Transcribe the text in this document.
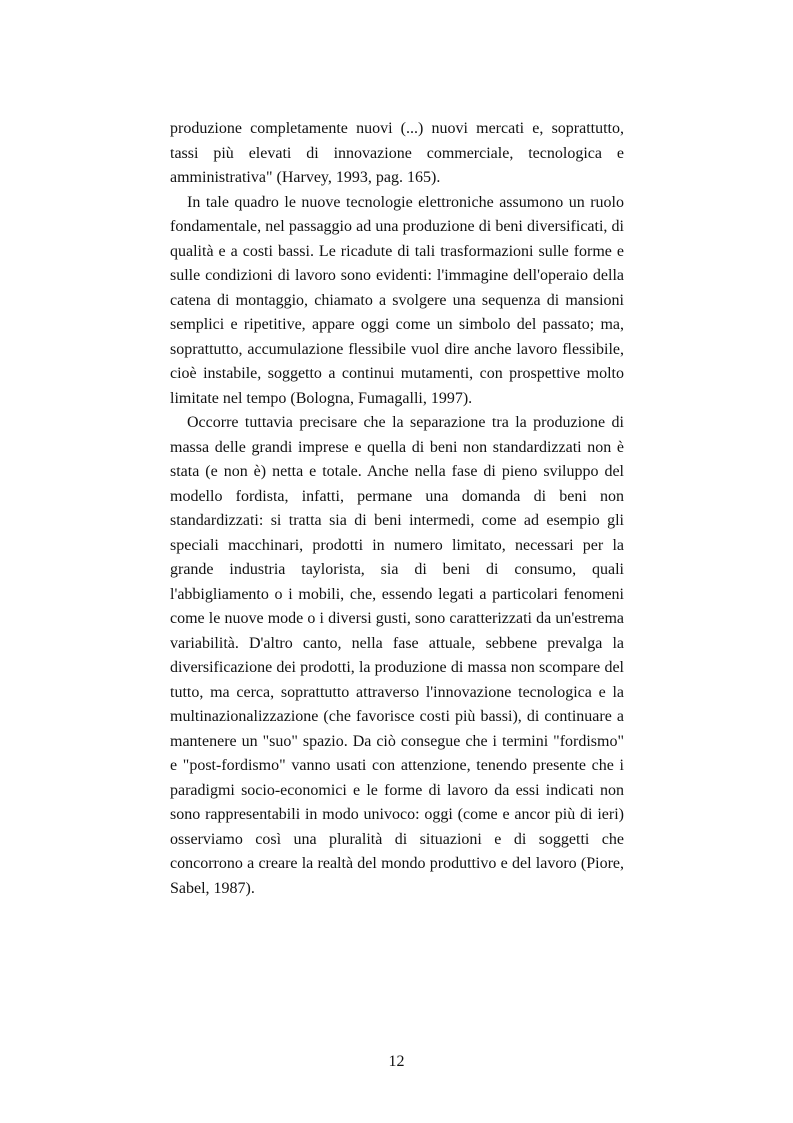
produzione completamente nuovi (...) nuovi mercati e, soprattutto,
tassi più elevati di innovazione commerciale, tecnologica e
amministrativa" (Harvey, 1993, pag. 165).
In tale quadro le nuove tecnologie elettroniche assumono un ruolo
fondamentale, nel passaggio ad una produzione di beni diversificati, di
qualità e a costi bassi. Le ricadute di tali trasformazioni sulle forme e
sulle condizioni di lavoro sono evidenti: l'immagine dell'operaio della
catena di montaggio, chiamato a svolgere una sequenza di mansioni
semplici e ripetitive, appare oggi come un simbolo del passato; ma,
soprattutto, accumulazione flessibile vuol dire anche lavoro flessibile,
cioè instabile, soggetto a continui mutamenti, con prospettive molto
limitate nel tempo (Bologna, Fumagalli, 1997).
Occorre tuttavia precisare che la separazione tra la produzione di
massa delle grandi imprese e quella di beni non standardizzati non è
stata (e non è) netta e totale. Anche nella fase di pieno sviluppo del
modello fordista, infatti, permane una domanda di beni non
standardizzati: si tratta sia di beni intermedi, come ad esempio gli
speciali macchinari, prodotti in numero limitato, necessari per la
grande industria taylorista, sia di beni di consumo, quali
l'abbigliamento o i mobili, che, essendo legati a particolari fenomeni
come le nuove mode o i diversi gusti, sono caratterizzati da un'estrema
variabilità. D'altro canto, nella fase attuale, sebbene prevalga la
diversificazione dei prodotti, la produzione di massa non scompare del
tutto, ma cerca, soprattutto attraverso l'innovazione tecnologica e la
multinazionalizzazione (che favorisce costi più bassi), di continuare a
mantenere un "suo" spazio. Da ciò consegue che i termini "fordismo"
e "post-fordismo" vanno usati con attenzione, tenendo presente che i
paradigmi socio-economici e le forme di lavoro da essi indicati non
sono rappresentabili in modo univoco: oggi (come e ancor più di ieri)
osserviamo così una pluralità di situazioni e di soggetti che
concorrono a creare la realtà del mondo produttivo e del lavoro (Piore,
Sabel, 1987).
12
